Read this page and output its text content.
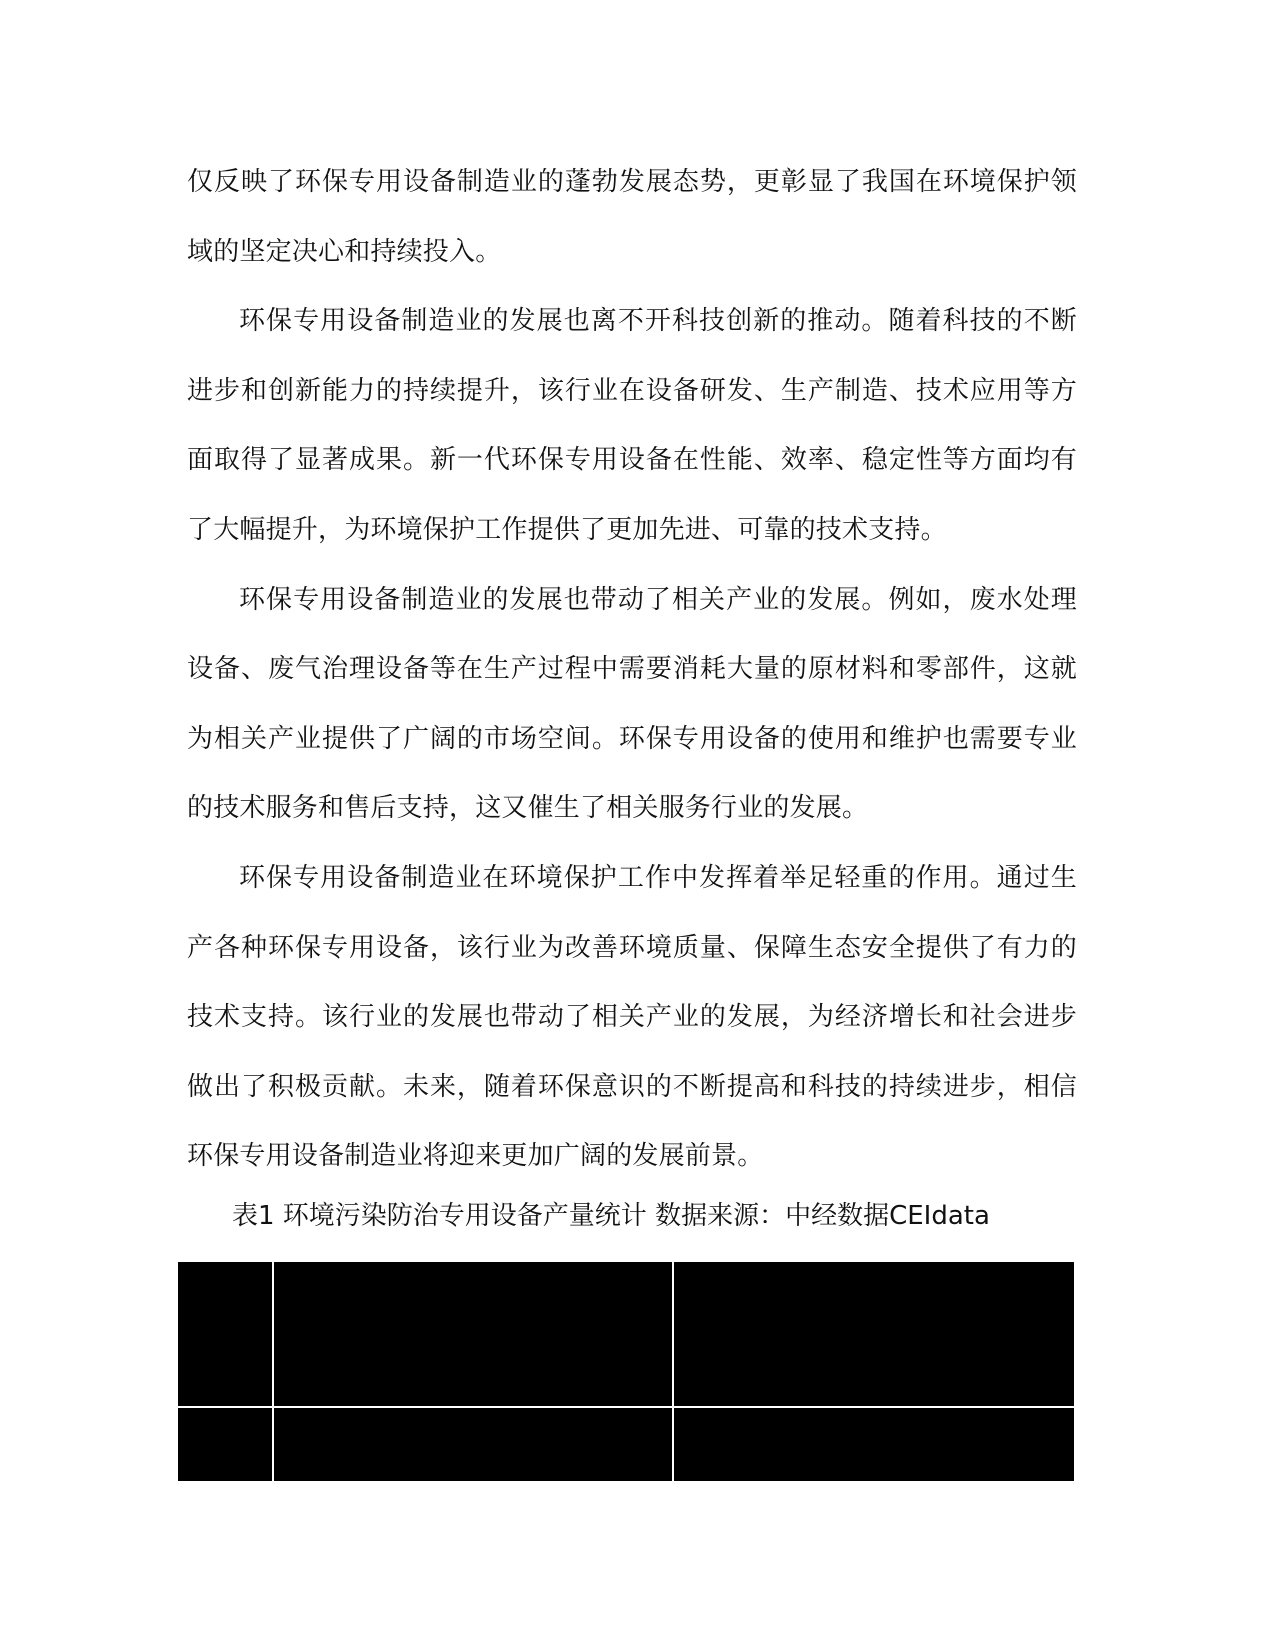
仅反映了环保专用设备制造业的蓬勃发展态势，更彰显了我国在环境保护领域的坚定决心和持续投入。

环保专用设备制造业的发展也离不开科技创新的推动。随着科技的不断进步和创新能力的持续提升，该行业在设备研发、生产制造、技术应用等方面取得了显著成果。新一代环保专用设备在性能、效率、稳定性等方面均有了大幅提升，为环境保护工作提供了更加先进、可靠的技术支持。

环保专用设备制造业的发展也带动了相关产业的发展。例如，废水处理设备、废气治理设备等在生产过程中需要消耗大量的原材料和零部件，这就为相关产业提供了广阔的市场空间。环保专用设备的使用和维护也需要专业的技术服务和售后支持，这又催生了相关服务行业的发展。

环保专用设备制造业在环境保护工作中发挥着举足轻重的作用。通过生产各种环保专用设备，该行业为改善环境质量、保障生态安全提供了有力的技术支持。该行业的发展也带动了相关产业的发展，为经济增长和社会进步做出了积极贡献。未来，随着环保意识的不断提高和科技的持续进步，相信环保专用设备制造业将迎来更加广阔的发展前景。

表1 环境污染防治专用设备产量统计 数据来源：中经数据CEIdata
